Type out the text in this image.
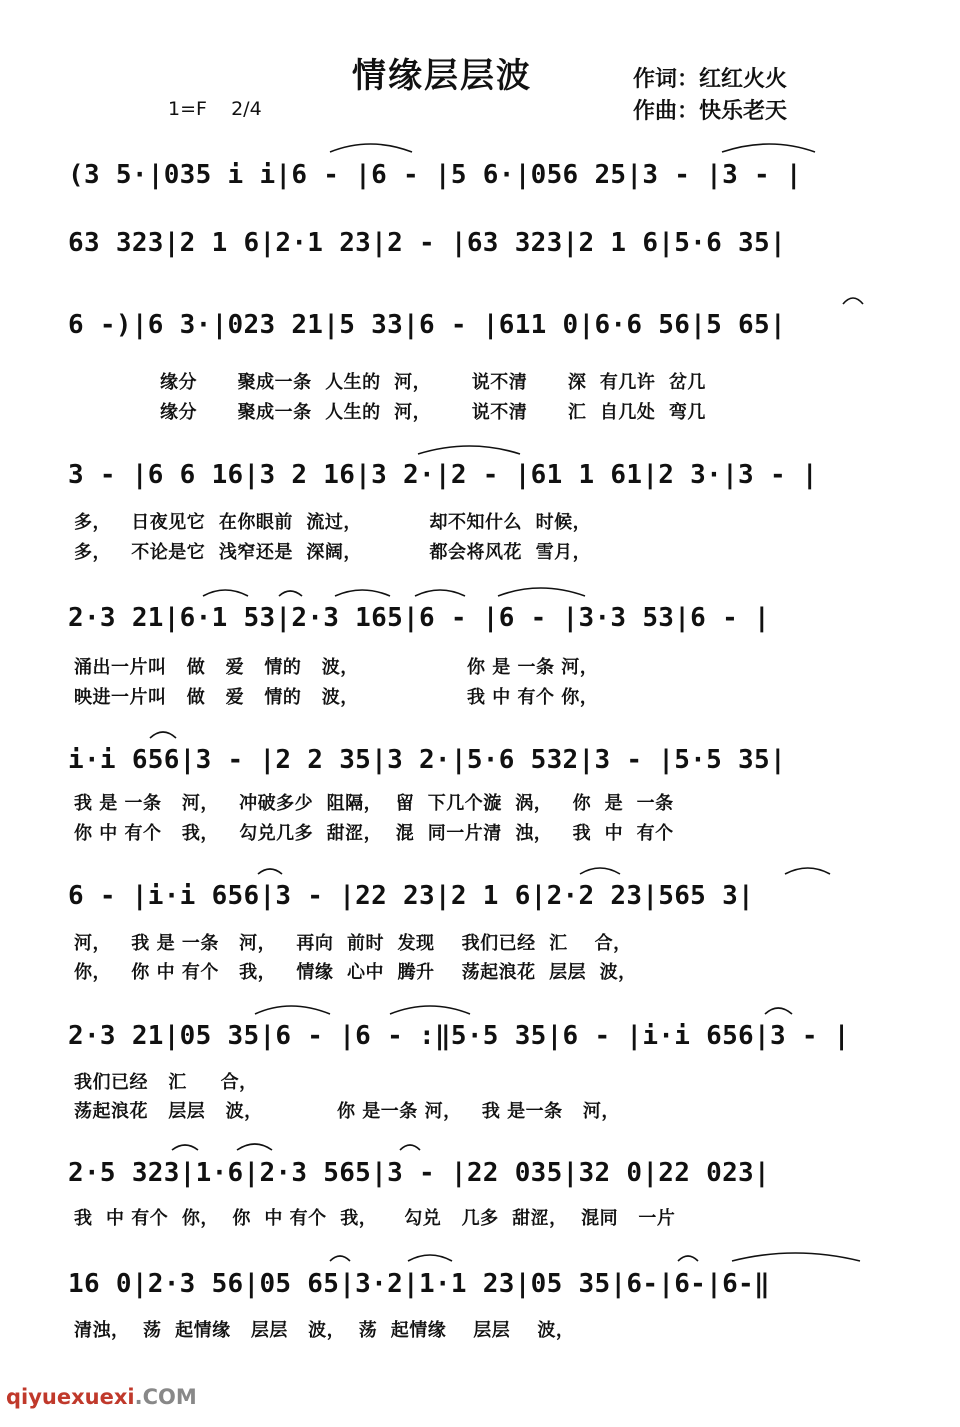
情缘层层波	作词：红红火火
作曲：快乐老天
1=F    2/4
(3 5·|035 i i|6 - |6 - |5 6·|056 25|3 - |3 - |
63 323|2 1 6|2·1 23|2 - |63 323|2 1 6|5·6 35|
6 -)|6 3·|023 21|5 33|6 - |611 0|6·6 56|5 65|
缘分      聚成一条  人生的  河，      说不清      深  有几许  岔几
缘分      聚成一条  人生的  河，      说不清      汇  自几处  弯几
3 - |6 6 16|3 2 16|3 2·|2 - |61 1 61|2 3·|3 - |
多，   日夜见它  在你眼前  流过，          却不知什么  时候，
多，   不论是它  浅窄还是  深阔，          都会将风花  雪月，
2·3 21|6·1 53|2·3 165|6 - |6 - |3·3 53|6 - |
涌出一片叫   做   爱   情的   波，                你 是 一条 河，
映进一片叫   做   爱   情的   波，                我 中 有个 你，
i·i 656|3 - |2 2 35|3 2·|5·6 532|3 - |5·5 35|
我 是 一条   河，   冲破多少  阻隔，  留  下几个漩  涡，   你  是  一条
你 中 有个   我，   勾兑几多  甜涩，  混  同一片清  浊，   我  中  有个
6 - |i·i 656|3 - |22 23|2 1 6|2·2 23|565 3|
河，   我 是 一条   河，   再向  前时  发现    我们已经  汇    合，
你，   你 中 有个   我，   情缘  心中  腾升    荡起浪花  层层  波，
2·3 21|05 35|6 - |6 - :‖5·5 35|6 - |i·i 656|3 - |
我们已经   汇     合，
荡起浪花   层层   波，           你 是一条 河，   我 是一条   河，
2·5 323|1·6|2·3 565|3 - |22 035|32 0|22 023|
我  中 有个  你，  你  中 有个  我，    勾兑   几多  甜涩，  混同   一片
16 0|2·3 56|05 65|3·2|1·1 23|05 35|6-|6-|6-‖
清浊，  荡  起情缘   层层   波，  荡  起情缘    层层    波，
qiyuexuexi.COM
